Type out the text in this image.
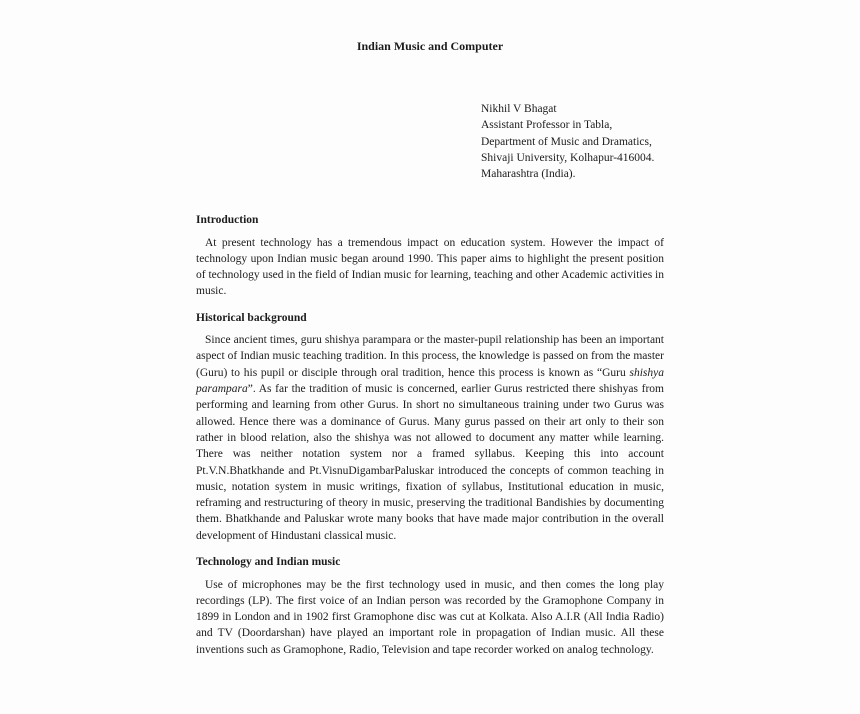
Indian Music and Computer
Nikhil V Bhagat
Assistant Professor in Tabla,
Department of Music and Dramatics,
Shivaji University, Kolhapur-416004.
Maharashtra (India).

Introduction

At present technology has a tremendous impact on education system. However the impact of technology upon Indian music began around 1990. This paper aims to highlight the present position of technology used in the field of Indian music for learning, teaching and other Academic activities in music.

Historical background

Since ancient times, guru shishya parampara or the master-pupil relationship has been an important aspect of Indian music teaching tradition. In this process, the knowledge is passed on from the master (Guru) to his pupil or disciple through oral tradition, hence this process is known as “Guru shishya parampara”. As far the tradition of music is concerned, earlier Gurus restricted there shishyas from performing and learning from other Gurus. In short no simultaneous training under two Gurus was allowed. Hence there was a dominance of Gurus. Many gurus passed on their art only to their son rather in blood relation, also the shishya was not allowed to document any matter while learning. There was neither notation system nor a framed syllabus. Keeping this into account Pt.V.N.Bhatkhande and Pt.VisnuDigambarPaluskar introduced the concepts of common teaching in music, notation system in music writings, fixation of syllabus, Institutional education in music, reframing and restructuring of theory in music, preserving the traditional Bandishies by documenting them. Bhatkhande and Paluskar wrote many books that have made major contribution in the overall development of Hindustani classical music.

Technology and Indian music

Use of microphones may be the first technology used in music, and then comes the long play recordings (LP). The first voice of an Indian person was recorded by the Gramophone Company in 1899 in London and in 1902 first Gramophone disc was cut at Kolkata. Also A.I.R (All India Radio) and TV (Doordarshan) have played an important role in propagation of Indian music. All these inventions such as Gramophone, Radio, Television and tape recorder worked on analog technology.
